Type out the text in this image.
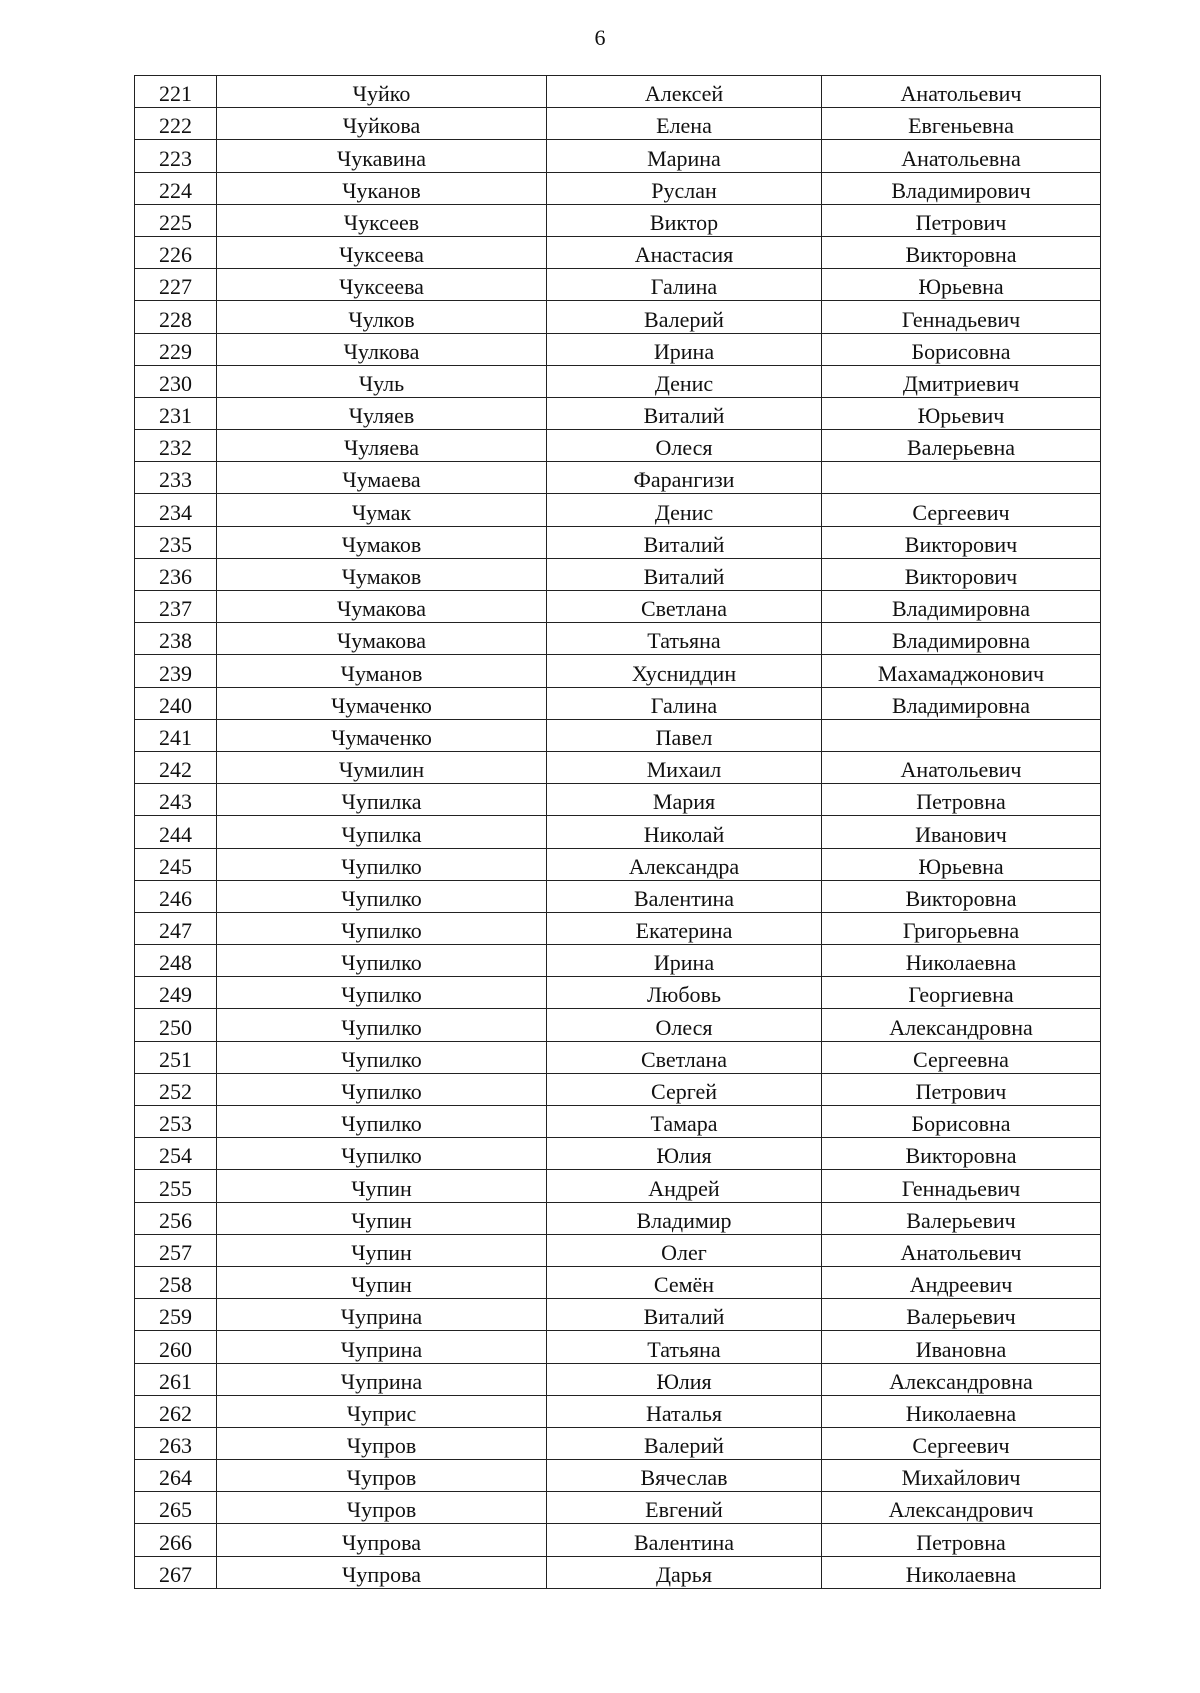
6
221	Чуйко	Алексей	Анатольевич
222	Чуйкова	Елена	Евгеньевна
223	Чукавина	Марина	Анатольевна
224	Чуканов	Руслан	Владимирович
225	Чуксеев	Виктор	Петрович
226	Чуксеева	Анастасия	Викторовна
227	Чуксеева	Галина	Юрьевна
228	Чулков	Валерий	Геннадьевич
229	Чулкова	Ирина	Борисовна
230	Чуль	Денис	Дмитриевич
231	Чуляев	Виталий	Юрьевич
232	Чуляева	Олеся	Валерьевна
233	Чумаева	Фарангизи	
234	Чумак	Денис	Сергеевич
235	Чумаков	Виталий	Викторович
236	Чумаков	Виталий	Викторович
237	Чумакова	Светлана	Владимировна
238	Чумакова	Татьяна	Владимировна
239	Чуманов	Хусниддин	Махамаджонович
240	Чумаченко	Галина	Владимировна
241	Чумаченко	Павел	
242	Чумилин	Михаил	Анатольевич
243	Чупилка	Мария	Петровна
244	Чупилка	Николай	Иванович
245	Чупилко	Александра	Юрьевна
246	Чупилко	Валентина	Викторовна
247	Чупилко	Екатерина	Григорьевна
248	Чупилко	Ирина	Николаевна
249	Чупилко	Любовь	Георгиевна
250	Чупилко	Олеся	Александровна
251	Чупилко	Светлана	Сергеевна
252	Чупилко	Сергей	Петрович
253	Чупилко	Тамара	Борисовна
254	Чупилко	Юлия	Викторовна
255	Чупин	Андрей	Геннадьевич
256	Чупин	Владимир	Валерьевич
257	Чупин	Олег	Анатольевич
258	Чупин	Семён	Андреевич
259	Чуприна	Виталий	Валерьевич
260	Чуприна	Татьяна	Ивановна
261	Чуприна	Юлия	Александровна
262	Чуприс	Наталья	Николаевна
263	Чупров	Валерий	Сергеевич
264	Чупров	Вячеслав	Михайлович
265	Чупров	Евгений	Александрович
266	Чупрова	Валентина	Петровна
267	Чупрова	Дарья	Николаевна
